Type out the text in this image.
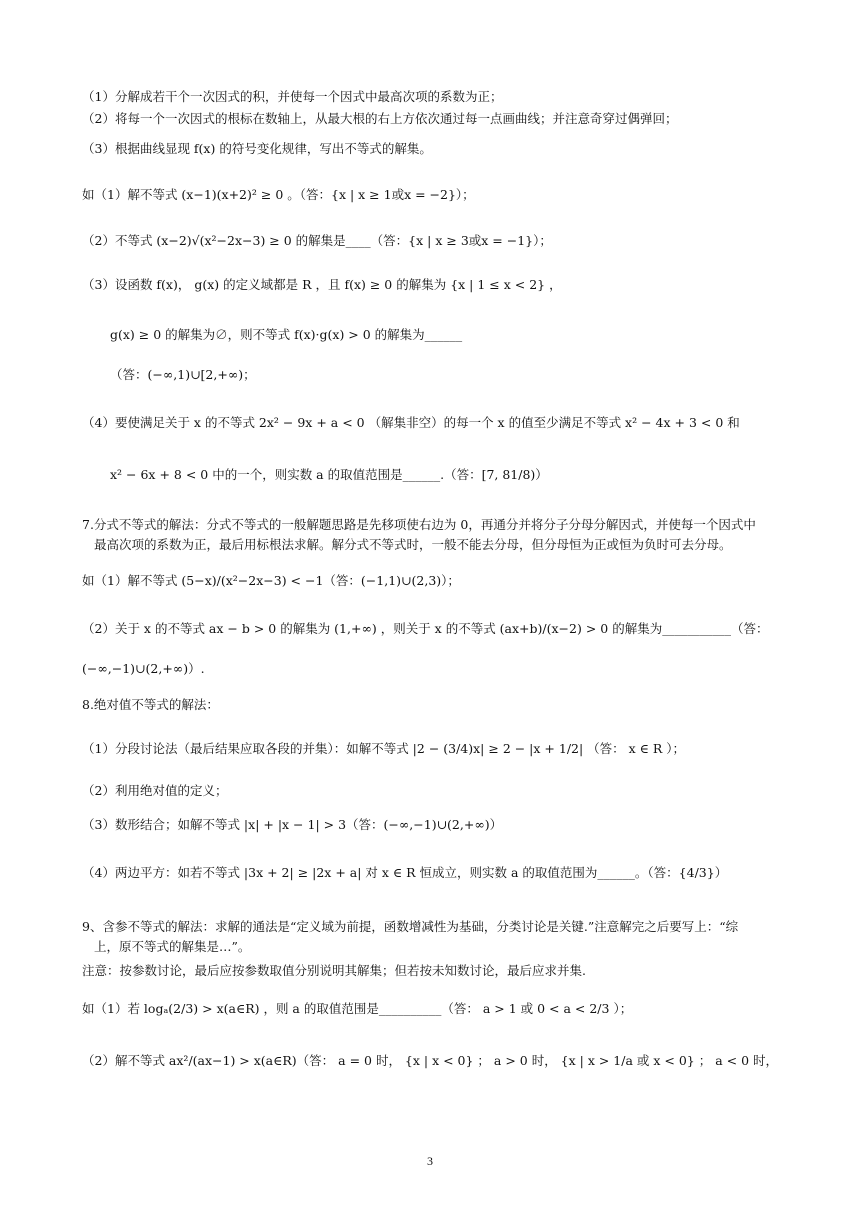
（1）分解成若干个一次因式的积，并使每一个因式中最高次项的系数为正；
（2）将每一个一次因式的根标在数轴上，从最大根的右上方依次通过每一点画曲线；并注意奇穿过偶弹回；
（3）根据曲线显现 f(x) 的符号变化规律，写出不等式的解集。
如（1）解不等式 (x−1)(x+2)² ≥ 0 。（答：{x | x ≥ 1或x = −2}）；
（2）不等式 (x−2)√(x²−2x−3) ≥ 0 的解集是____（答：{x | x ≥ 3或x = −1}）；
（3）设函数 f(x)， g(x) 的定义域都是 R ，且 f(x) ≥ 0 的解集为 {x | 1 ≤ x < 2} ，
g(x) ≥ 0 的解集为∅，则不等式 f(x)·g(x) > 0 的解集为______
（答：(−∞,1)∪[2,+∞)；
（4）要使满足关于 x 的不等式 2x² − 9x + a < 0 （解集非空）的每一个 x 的值至少满足不等式 x² − 4x + 3 < 0 和
x² − 6x + 8 < 0 中的一个，则实数 a 的取值范围是______.（答：[7, 81/8)）
7.分式不等式的解法：分式不等式的一般解题思路是先移项使右边为 0，再通分并将分子分母分解因式，并使每一个因式中
最高次项的系数为正，最后用标根法求解。解分式不等式时，一般不能去分母，但分母恒为正或恒为负时可去分母。
如（1）解不等式 (5−x)/(x²−2x−3) < −1（答：(−1,1)∪(2,3)）；
（2）关于 x 的不等式 ax − b > 0 的解集为 (1,+∞) ，则关于 x 的不等式 (ax+b)/(x−2) > 0 的解集为___________（答：
(−∞,−1)∪(2,+∞)）.
8.绝对值不等式的解法：
（1）分段讨论法（最后结果应取各段的并集）：如解不等式 |2 − (3/4)x| ≥ 2 − |x + 1/2| （答： x ∈ R ）；
（2）利用绝对值的定义；
（3）数形结合；如解不等式 |x| + |x − 1| > 3（答：(−∞,−1)∪(2,+∞)）
（4）两边平方：如若不等式 |3x + 2| ≥ |2x + a| 对 x ∈ R 恒成立，则实数 a 的取值范围为______。（答：{4/3}）
9、含参不等式的解法：求解的通法是“定义域为前提，函数增减性为基础，分类讨论是关键.”注意解完之后要写上：“综
上，原不等式的解集是…”。
注意：按参数讨论，最后应按参数取值分别说明其解集；但若按未知数讨论，最后应求并集.
如（1）若 logₐ(2/3) > x(a∈R) ，则 a 的取值范围是__________（答： a > 1 或 0 < a < 2/3 ）；
（2）解不等式 ax²/(ax−1) > x(a∈R)（答： a = 0 时， {x | x < 0} ； a > 0 时， {x | x > 1/a 或 x < 0} ； a < 0 时，
3
